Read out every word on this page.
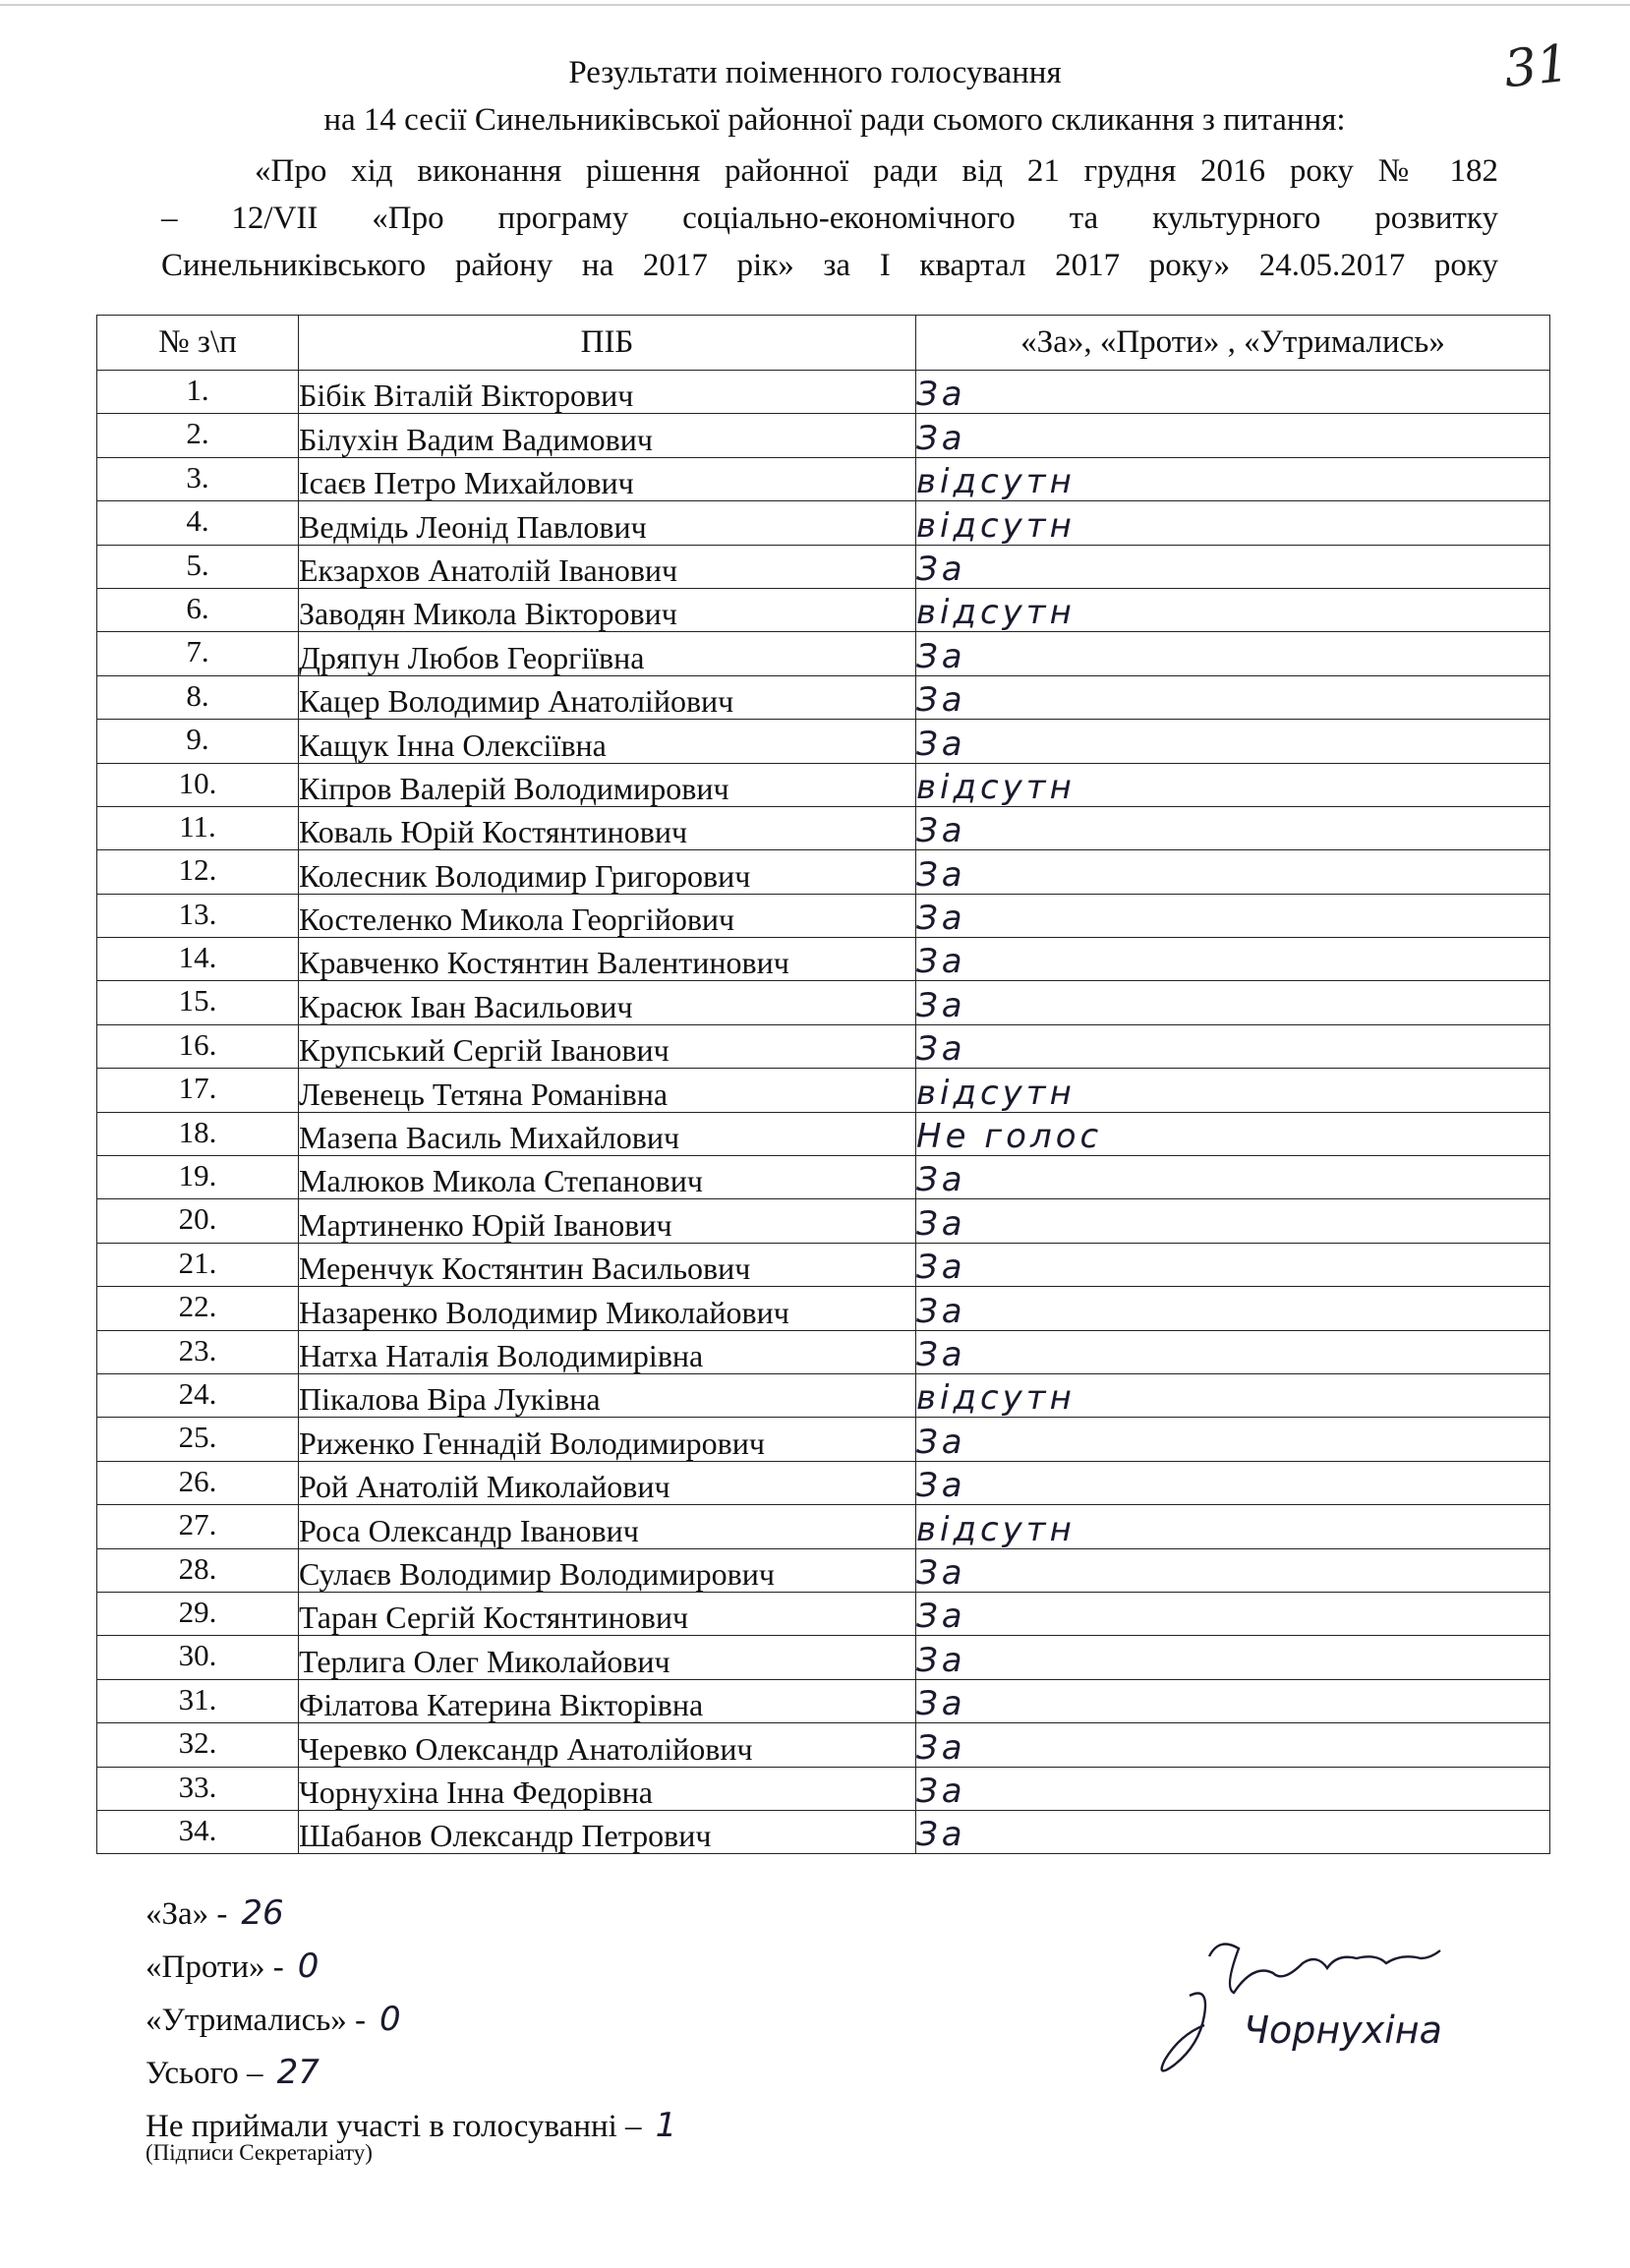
31
Результати поіменного голосування
на 14 сесії Синельниківської районної ради сьомого скликання з питання:
«Про хід виконання рішення районної ради від 21 грудня 2016 року № 182
– 12/VII «Про програму соціально-економічного та культурного розвитку
Синельниківського району на 2017 рік» за І квартал 2017 року» 24.05.2017 року
№ з\п	ПІБ	«За», «Проти» , «Утримались»
1.	Бібік Віталій Вікторович	За
2.	Білухін Вадим Вадимович	За
3.	Ісаєв Петро Михайлович	відсутн
4.	Ведмідь Леонід Павлович	відсутн
5.	Екзархов Анатолій Іванович	За
6.	Заводян Микола Вікторович	відсутн
7.	Дряпун Любов Георгіївна	За
8.	Кацер Володимир Анатолійович	За
9.	Кащук Інна Олексіївна	За
10.	Кіпров Валерій Володимирович	відсутн
11.	Коваль Юрій Костянтинович	За
12.	Колесник Володимир Григорович	За
13.	Костеленко Микола Георгійович	За
14.	Кравченко Костянтин Валентинович	За
15.	Красюк Іван Васильович	За
16.	Крупський Сергій Іванович	За
17.	Левенець Тетяна Романівна	відсутн
18.	Мазепа Василь Михайлович	Не голос
19.	Малюков Микола Степанович	За
20.	Мартиненко Юрій Іванович	За
21.	Меренчук Костянтин Васильович	За
22.	Назаренко Володимир Миколайович	За
23.	Натха Наталія Володимирівна	За
24.	Пікалова Віра Луківна	відсутн
25.	Риженко Геннадій Володимирович	За
26.	Рой Анатолій Миколайович	За
27.	Роса Олександр Іванович	відсутн
28.	Сулаєв Володимир Володимирович	За
29.	Таран Сергій Костянтинович	За
30.	Терлига Олег Миколайович	За
31.	Філатова Катерина Вікторівна	За
32.	Черевко Олександр Анатолійович	За
33.	Чорнухіна Інна Федорівна	За
34.	Шабанов Олександр Петрович	За
«За» - 26
«Проти» - 0
«Утримались» - 0
Усього – 27
Не приймали участі в голосуванні – 1
(Підписи Секретаріату)
Чорнухіна
